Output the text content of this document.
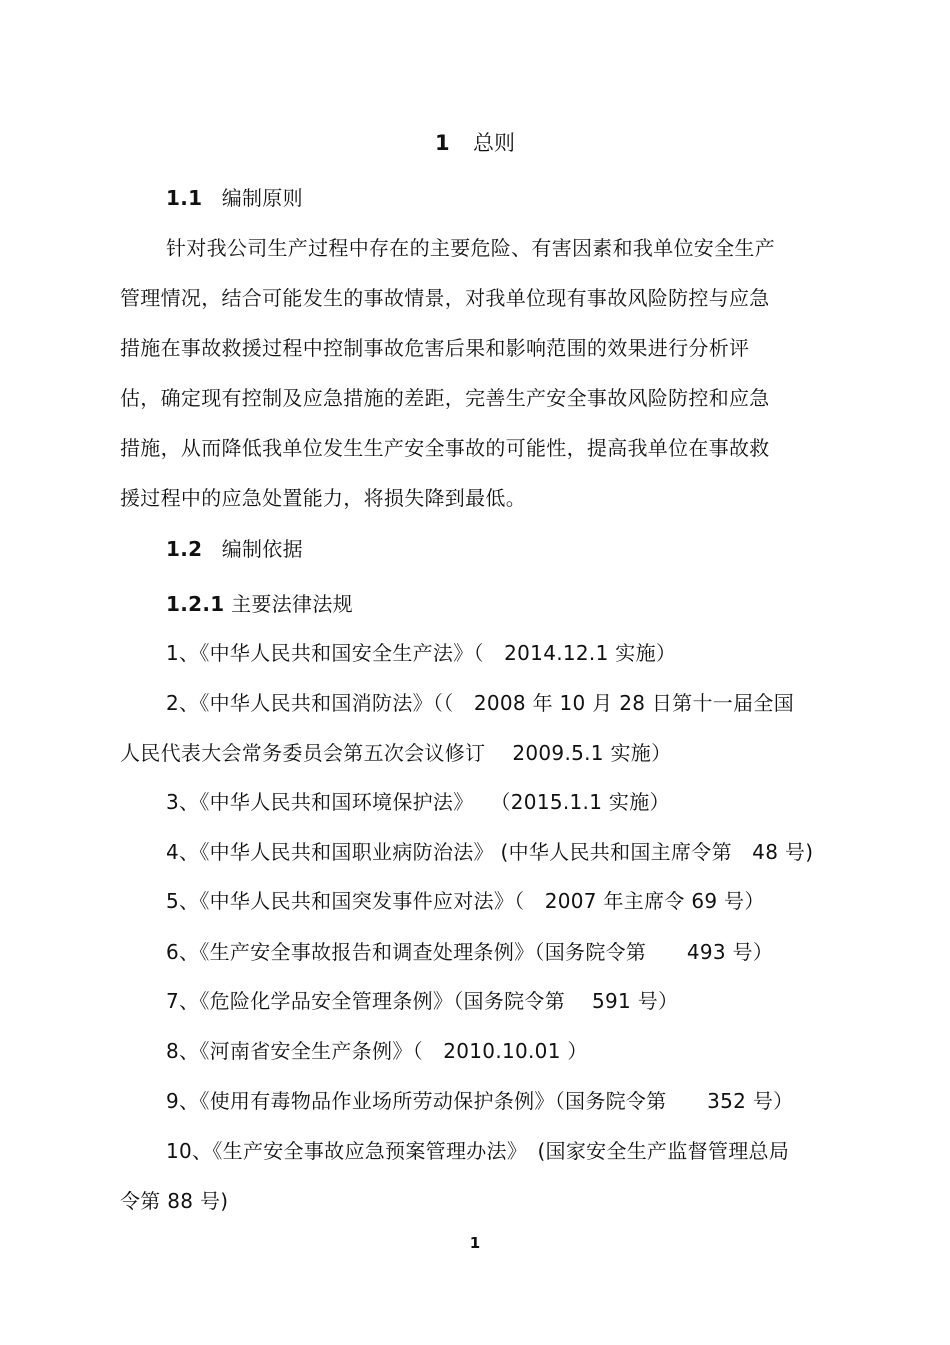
1 总则
1.1 编制原则
针对我公司生产过程中存在的主要危险、有害因素和我单位安全生产
管理情况，结合可能发生的事故情景，对我单位现有事故风险防控与应急
措施在事故救援过程中控制事故危害后果和影响范围的效果进行分析评
估，确定现有控制及应急措施的差距，完善生产安全事故风险防控和应急
措施，从而降低我单位发生生产安全事故的可能性，提高我单位在事故救
援过程中的应急处置能力，将损失降到最低。
1.2 编制依据
1.2.1 主要法律法规
1、《中华人民共和国安全生产法》（　2014.12.1 实施）
2、《中华人民共和国消防法》（（　2008 年 10 月 28 日第十一届全国
人民代表大会常务委员会第五次会议修订　 2009.5.1 实施）
3、《中华人民共和国环境保护法》　 （2015.1.1 实施）
4、《中华人民共和国职业病防治法》 (中华人民共和国主席令第　48 号)
5、《中华人民共和国突发事件应对法》（　2007 年主席令 69 号）
6、《生产安全事故报告和调查处理条例》（国务院令第　　493 号）
7、《危险化学品安全管理条例》（国务院令第　 591 号）
8、《河南省安全生产条例》（　2010.10.01 ）
9、《使用有毒物品作业场所劳动保护条例》（国务院令第　　352 号）
10、《生产安全事故应急预案管理办法》　(国家安全生产监督管理总局
令第 88 号)
1
